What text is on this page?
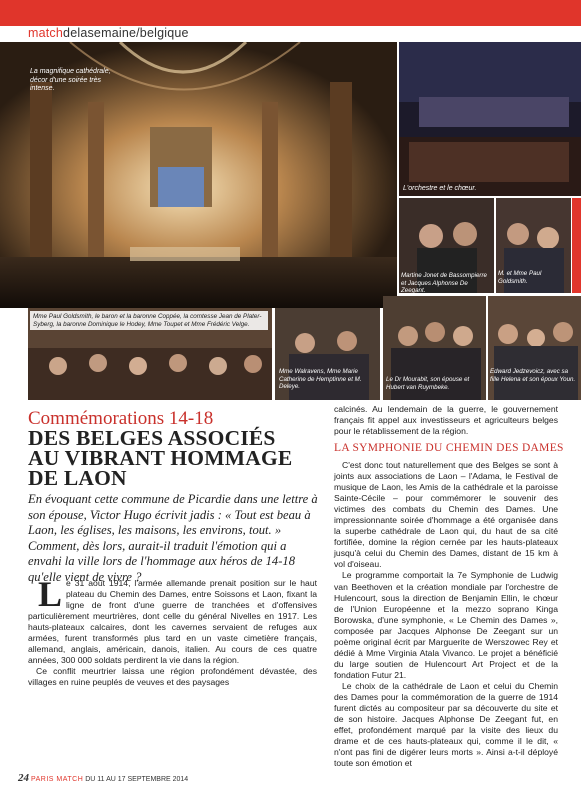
matchdelasemaine/belgique
La magnifique cathédrale, décor d'une soirée très intense.
L'orchestre et le chœur.
Martine Jonet de Bassompierre et Jacques Alphonse De Zeegant.
M. et Mme Paul Goldsmith.
Mme Paul Goldsmith, le baron et la baronne Coppée, la comtesse Jean de Plater-Syberg, la baronne Dominique le Hodey, Mme Toupet et Mme Frédéric Velge.
Mme Walravens, Mme Marie Catherine de Hemptinne et M. Deleye.
Le Dr Mourabit, son épouse et Hubert van Ruymbeke.
Edward Jedzevoicz, avec sa fille Helena et son époux Youn.
Commémorations 14-18
DES BELGES ASSOCIÉS
AU VIBRANT HOMMAGE
DE LAON
En évoquant cette commune de Picardie dans une lettre à son épouse, Victor Hugo écrivit jadis : « Tout est beau à Laon, les églises, les maisons, les environs, tout. » Comment, dès lors, aurait-il traduit l'émotion qui a envahi la ville lors de l'hommage aux héros de 14-18 qu'elle vient de vivre ?

Le 31 août 1914, l'armée allemande prenait position sur le haut plateau du Chemin des Dames, entre Soissons et Laon, fixant la ligne de front d'une guerre de tranchées et d'offensives particulièrement meurtrières, dont celle du général Nivelles en 1917. Les hauts-plateaux calcaires, dont les cavernes servaient de refuges aux armées, furent transformés plus tard en un vaste cimetière français, allemand, anglais, américain, danois, italien. Au cours de ces quatre années, 300 000 soldats perdirent la vie dans la région.

Ce conflit meurtrier laissa une région profondément dévastée, des villages en ruine peuplés de veuves et des paysages

calcinés. Au lendemain de la guerre, le gouvernement français fit appel aux investisseurs et agriculteurs belges pour le rétablissement de la région.

LA SYMPHONIE DU CHEMIN DES DAMES

C'est donc tout naturellement que des Belges se sont à joints aux associations de Laon – l'Adama, le Festival de musique de Laon, les Amis de la cathédrale et la paroisse Sainte-Cécile – pour commémorer le souvenir des victimes des combats du Chemin des Dames. Une impressionnante soirée d'hommage a été organisée dans la superbe cathédrale de Laon qui, du haut de sa cité fortifiée, domine la région cernée par les hauts-plateaux jusqu'à celui du Chemin des Dames, distant de 15 km à vol d'oiseau.

Le programme comportait la 7e Symphonie de Ludwig van Beethoven et la création mondiale par l'orchestre de Hulencourt, sous la direction de Benjamin Ellin, le chœur de l'Union Européenne et la mezzo soprano Kinga Borowska, d'une symphonie, « Le Chemin des Dames », composée par Jacques Alphonse De Zeegant sur un poème original écrit par Marguerite de Werszowec Rey et dédié à Mme Virginia Atala Vivanco. Le projet a bénéficié du large soutien de Hulencourt Art Project et de la fondation Futur 21.

Le choix de la cathédrale de Laon et celui du Chemin des Dames pour la commémoration de la guerre de 1914 furent dictés au compositeur par sa découverte du site et de son histoire. Jacques Alphonse De Zeegant fut, en effet, profondément marqué par la visite des lieux du drame et de ces hauts-plateaux qui, comme il le dit, « n'ont pas fini de digérer leurs morts ». Ainsi a-t-il déployé toute son émotion et

24 PARIS MATCH DU 11 AU 17 SEPTEMBRE 2014
